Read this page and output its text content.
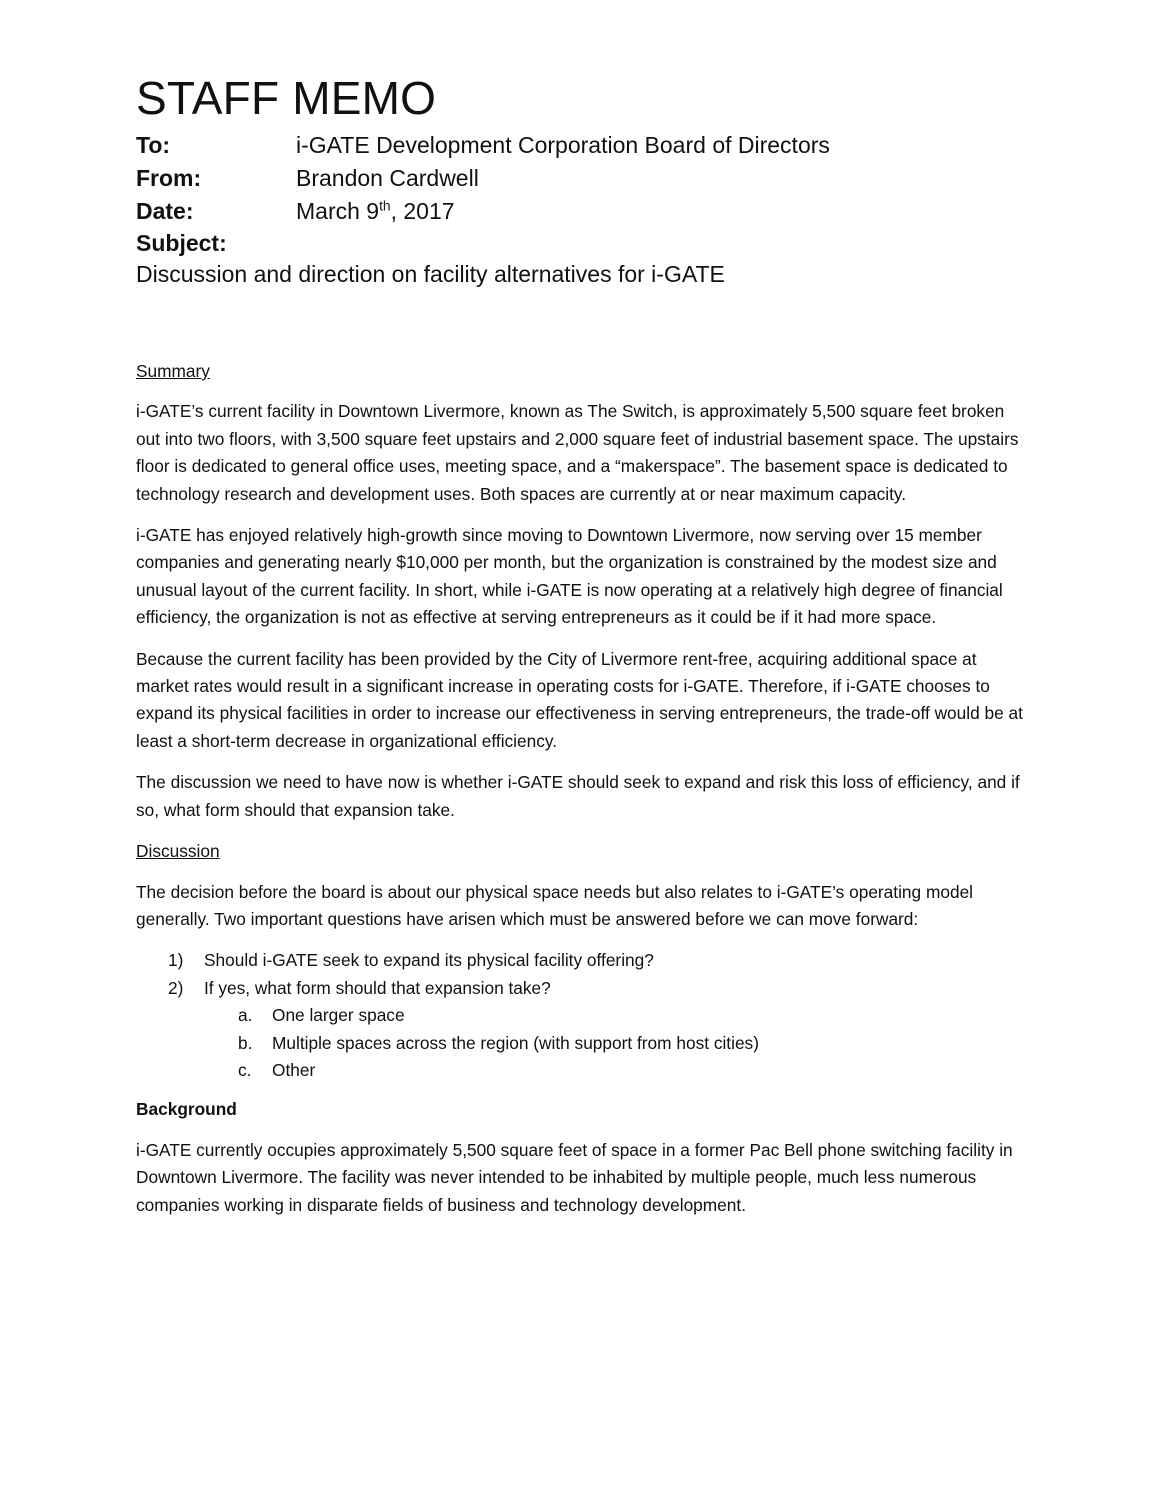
STAFF MEMO
To:	i-GATE Development Corporation Board of Directors
From:	Brandon Cardwell
Date:	March 9th, 2017
Subject:
Discussion and direction on facility alternatives for i-GATE
Summary

i-GATE’s current facility in Downtown Livermore, known as The Switch, is approximately 5,500 square feet broken out into two floors, with 3,500 square feet upstairs and 2,000 square feet of industrial basement space. The upstairs floor is dedicated to general office uses, meeting space, and a “makerspace”. The basement space is dedicated to technology research and development uses. Both spaces are currently at or near maximum capacity.

i-GATE has enjoyed relatively high-growth since moving to Downtown Livermore, now serving over 15 member companies and generating nearly $10,000 per month, but the organization is constrained by the modest size and unusual layout of the current facility. In short, while i-GATE is now operating at a relatively high degree of financial efficiency, the organization is not as effective at serving entrepreneurs as it could be if it had more space.

Because the current facility has been provided by the City of Livermore rent-free, acquiring additional space at market rates would result in a significant increase in operating costs for i-GATE. Therefore, if i-GATE chooses to expand its physical facilities in order to increase our effectiveness in serving entrepreneurs, the trade-off would be at least a short-term decrease in organizational efficiency.

The discussion we need to have now is whether i-GATE should seek to expand and risk this loss of efficiency, and if so, what form should that expansion take.

Discussion

The decision before the board is about our physical space needs but also relates to i-GATE’s operating model generally. Two important questions have arisen which must be answered before we can move forward:

1) Should i-GATE seek to expand its physical facility offering?
2) If yes, what form should that expansion take?
a. One larger space
b. Multiple spaces across the region (with support from host cities)
c. Other
Background

i-GATE currently occupies approximately 5,500 square feet of space in a former Pac Bell phone switching facility in Downtown Livermore. The facility was never intended to be inhabited by multiple people, much less numerous companies working in disparate fields of business and technology development.
